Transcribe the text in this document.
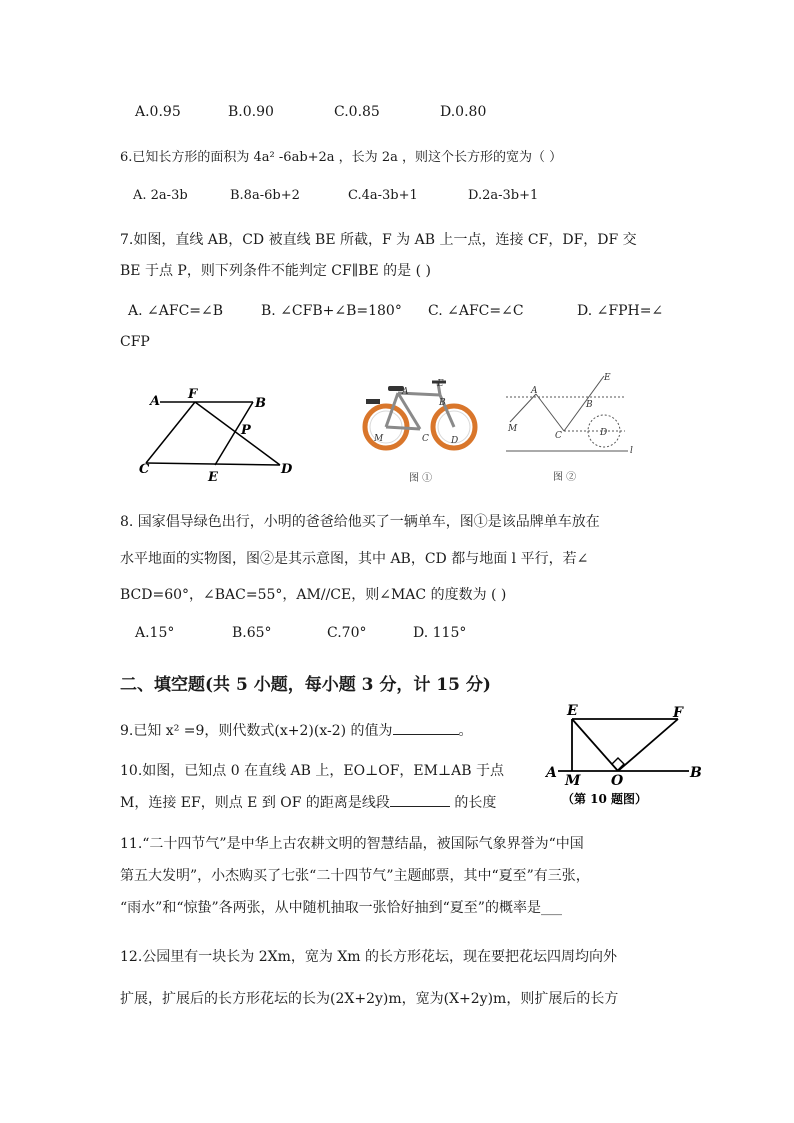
A.0.95	B.0.90	C.0.85	D.0.80
6.已知长方形的面积为 4a² -6ab+2a ，长为 2a ，则这个长方形的宽为（ ）
A. 2a-3b	B.8a-6b+2	C.4a-3b+1	D.2a-3b+1
7.如图，直线 AB，CD 被直线 BE 所截，F 为 AB 上一点，连接 CF，DF，DF 交
BE 于点 P，则下列条件不能判定 CF∥BE 的是 ( )
A. ∠AFC=∠B	B. ∠CFB+∠B=180° C. ∠AFC=∠C	D. ∠FPH=∠
CFP
A F
B
P
C
E
D
A
E
B
M	C D
图 ①
A
E
B
M
C	D
l
图 ②
8. 国家倡导绿色出行，小明的爸爸给他买了一辆单车，图①是该品牌单车放在
水平地面的实物图，图②是其示意图，其中 AB，CD 都与地面 l 平行，若∠
BCD=60°，∠BAC=55°，AM//CE，则∠MAC 的度数为 ( )
A.15°	B.65°	C.70°	D. 115°
二、填空题(共 5 小题，每小题 3 分，计 15 分)
9.已知 x² =9，则代数式(x+2)(x-2) 的值为	。
10.如图，已知点 0 在直线 AB 上，EO⊥OF，EM⊥AB 于点
M，连接 EF，则点 E 到 OF 的距离是线段	的长度
E	F
A M O	B
（第 10 题图）
11.“二十四节气”是中华上古农耕文明的智慧结晶，被国际气象界誉为“中国
第五大发明”，小杰购买了七张“二十四节气”主题邮票，其中“夏至”有三张，
“雨水”和“惊蛰”各两张，从中随机抽取一张恰好抽到“夏至”的概率是___
12.公园里有一块长为 2Xm，宽为 Xm 的长方形花坛，现在要把花坛四周均向外
扩展，扩展后的长方形花坛的长为(2X+2y)m，宽为(X+2y)m，则扩展后的长方
